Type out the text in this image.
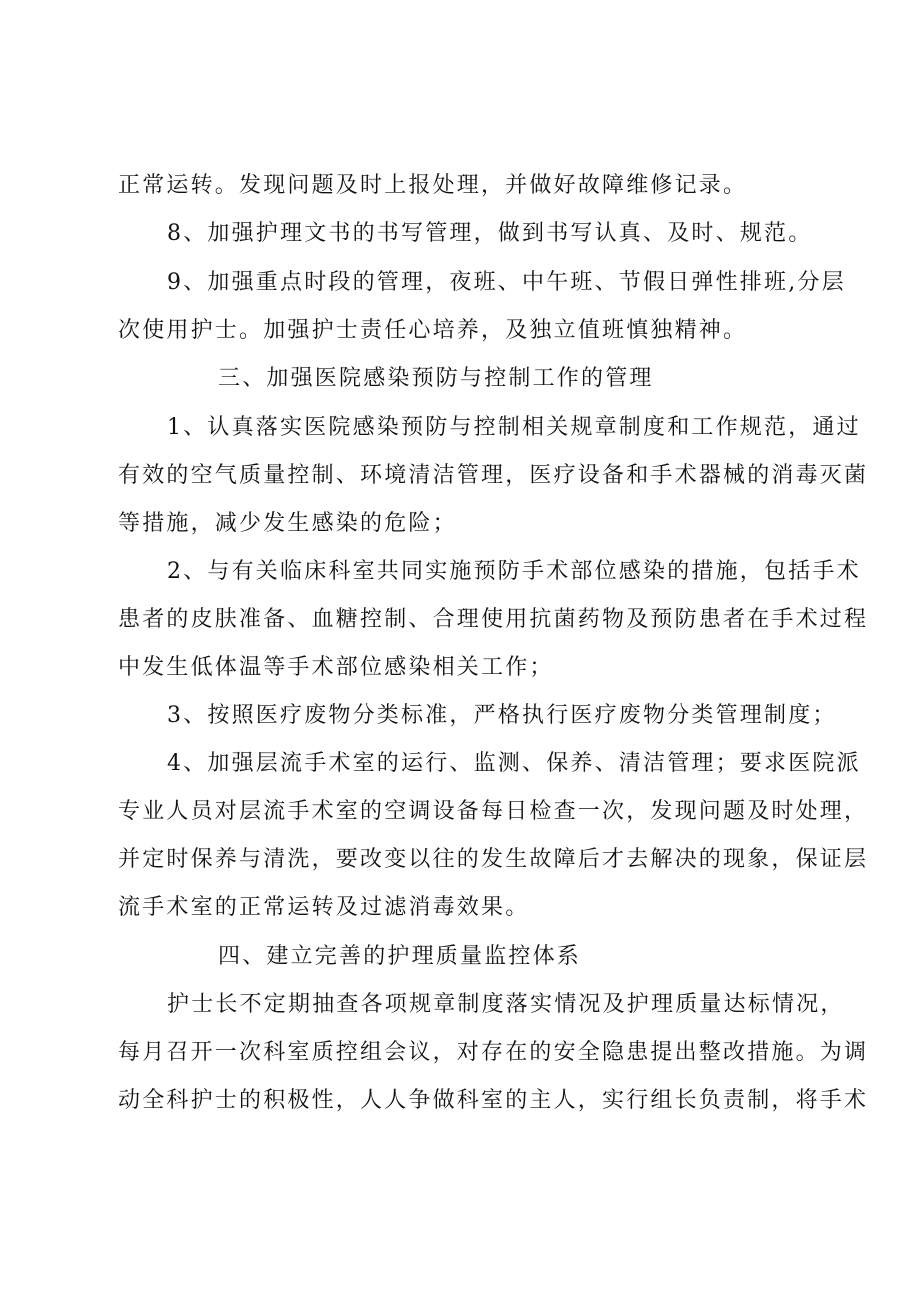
正常运转。发现问题及时上报处理，并做好故障维修记录。
8、加强护理文书的书写管理，做到书写认真、及时、规范。
9、加强重点时段的管理，夜班、中午班、节假日弹性排班,分层
次使用护士。加强护士责任心培养，及独立值班慎独精神。
三、加强医院感染预防与控制工作的管理
1、认真落实医院感染预防与控制相关规章制度和工作规范，通过
有效的空气质量控制、环境清洁管理，医疗设备和手术器械的消毒灭菌
等措施，减少发生感染的危险；
2、与有关临床科室共同实施预防手术部位感染的措施，包括手术
患者的皮肤准备、血糖控制、合理使用抗菌药物及预防患者在手术过程
中发生低体温等手术部位感染相关工作；
3、按照医疗废物分类标准，严格执行医疗废物分类管理制度；
4、加强层流手术室的运行、监测、保养、清洁管理；要求医院派
专业人员对层流手术室的空调设备每日检查一次，发现问题及时处理，
并定时保养与清洗，要改变以往的发生故障后才去解决的现象，保证层
流手术室的正常运转及过滤消毒效果。
四、建立完善的护理质量监控体系
护士长不定期抽查各项规章制度落实情况及护理质量达标情况，
每月召开一次科室质控组会议，对存在的安全隐患提出整改措施。为调
动全科护士的积极性，人人争做科室的主人，实行组长负责制，将手术
